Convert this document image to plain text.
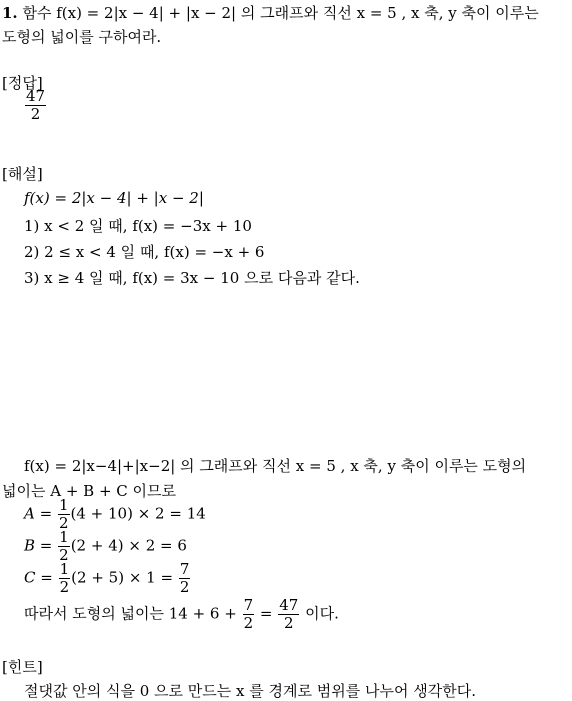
1. 함수 f(x) = 2|x − 4| + |x − 2| 의 그래프와 직선 x = 5 , x 축, y 축이 이루는
도형의 넓이를 구하여라.
[정답]
$\frac{47}{2}$
[해설]
f(x) = 2|x − 4| + |x − 2|
1) x < 2 일 때, f(x) = −3x + 10
2) 2 ≤ x < 4 일 때, f(x) = −x + 6
3) x ≥ 4 일 때, f(x) = 3x − 10 으로 다음과 같다.
f(x) = 2|x−4|+|x−2| 의 그래프와 직선 x = 5 , x 축, y 축이 이루는 도형의
넓이는 A + B + C 이므로
$A = \frac{1}{2} (4 + 10) \times 2 = 14$
$B = \frac{1}{2} (2 + 4) \times 2 = 6$
$C = \frac{1}{2} (2 + 5) \times 1 = \frac{7}{2}$
따라서 도형의 넓이는 $14 + 6 + \frac{7}{2} = \frac{47}{2}$ 이다.
[힌트]
절댓값 안의 식을 0 으로 만드는 x 를 경계로 범위를 나누어 생각한다.
